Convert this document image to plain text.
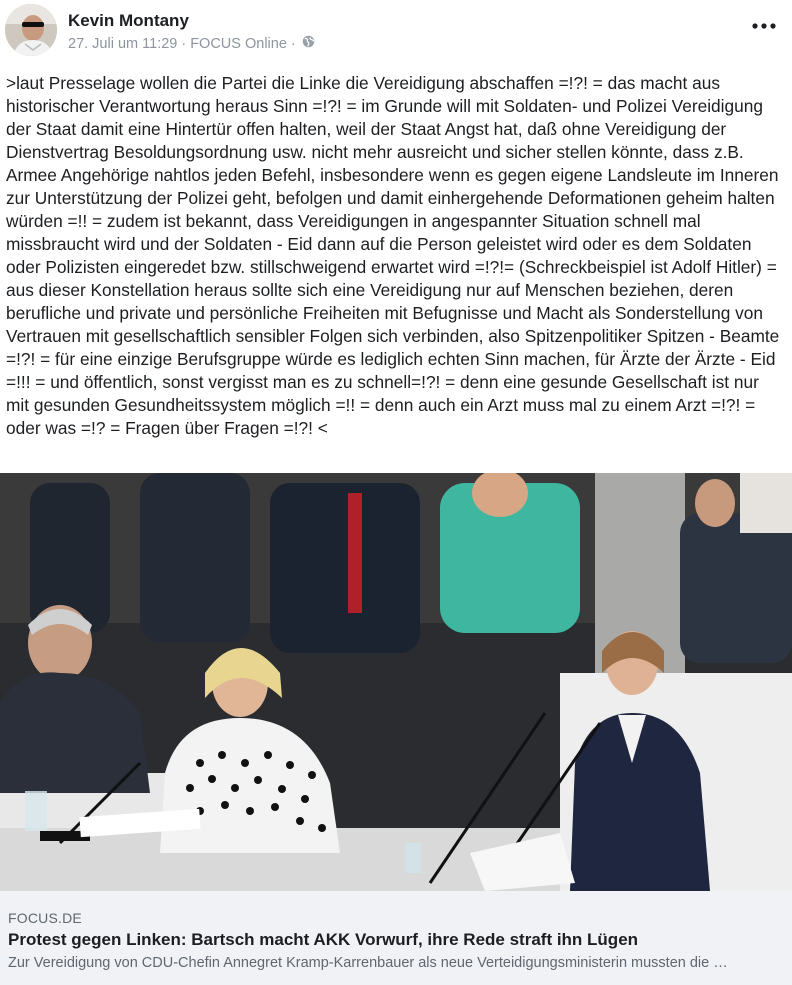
Kevin Montany
27. Juli um 11:29 · FOCUS Online ·

>laut Presselage wollen die Partei die Linke die Vereidigung abschaffen =!?! = das macht aus historischer Verantwortung heraus Sinn =!?! = im Grunde will mit Soldaten- und Polizei Vereidigung der Staat damit eine Hintertür offen halten, weil der Staat Angst hat, daß ohne Vereidigung der Dienstvertrag Besoldungsordnung usw. nicht mehr ausreicht und sicher stellen könnte, dass z.B. Armee Angehörige nahtlos jeden Befehl, insbesondere wenn es gegen eigene Landsleute im Inneren zur Unterstützung der Polizei geht, befolgen und damit einhergehende Deformationen geheim halten würden =!! = zudem ist bekannt, dass Vereidigungen in angespannter Situation schnell mal missbraucht wird und der Soldaten - Eid dann auf die Person geleistet wird oder es dem Soldaten oder Polizisten eingeredet bzw. stillschweigend erwartet wird =!?!= (Schreckbeispiel ist Adolf Hitler) = aus dieser Konstellation heraus sollte sich eine Vereidigung nur auf Menschen beziehen, deren berufliche und private und persönliche Freiheiten mit Befugnisse und Macht als Sonderstellung von Vertrauen mit gesellschaftlich sensibler Folgen sich verbinden, also Spitzenpolitiker Spitzen - Beamte =!?! = für eine einzige Berufsgruppe würde es lediglich echten Sinn machen, für Ärzte der Ärzte - Eid =!!! = und öffentlich, sonst vergisst man es zu schnell=!?! = denn eine gesunde Gesellschaft ist nur mit gesunden Gesundheitssystem möglich =!! = denn auch ein Arzt muss mal zu einem Arzt =!?! = oder was =!? = Fragen über Fragen =!?! <

FOCUS.DE
Protest gegen Linken: Bartsch macht AKK Vorwurf, ihre Rede straft ihn Lügen
Zur Vereidigung von CDU-Chefin Annegret Kramp-Karrenbauer als neue Verteidigungsministerin mussten die …
